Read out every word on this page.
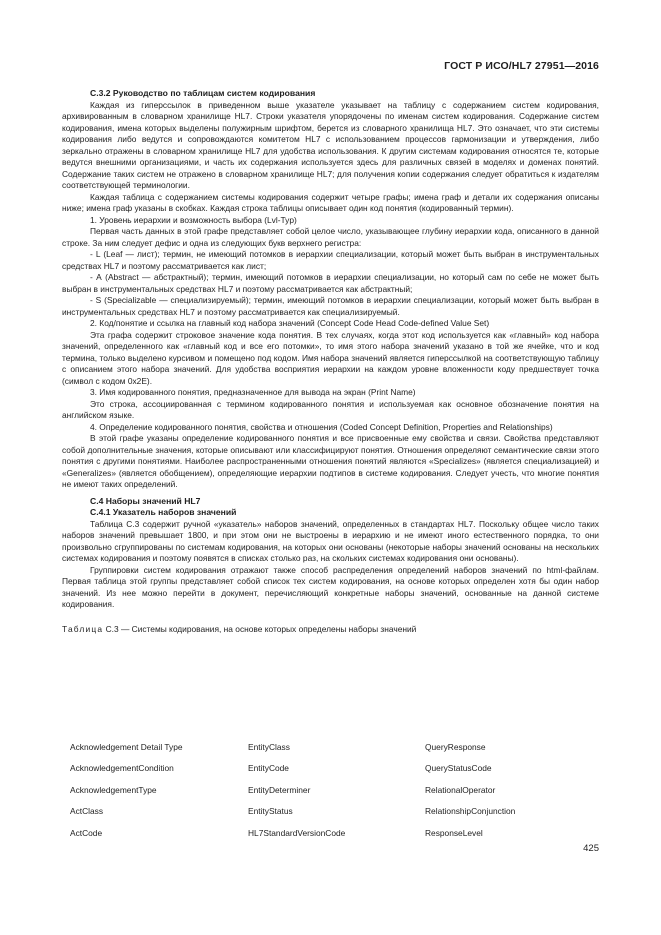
ГОСТ Р ИСО/HL7 27951—2016
С.3.2 Руководство по таблицам систем кодирования

Каждая из гиперссылок в приведенном выше указателе указывает на таблицу с содержанием систем кодирования, архивированным в словарном хранилище HL7. Строки указателя упорядочены по именам систем кодирования. Содержание систем кодирования, имена которых выделены полужирным шрифтом, берется из словарного хранилища HL7. Это означает, что эти системы кодирования либо ведутся и сопровождаются комитетом HL7 с использованием процессов гармонизации и утверждения, либо зеркально отражены в словарном хранилище HL7 для удобства использования. К другим системам кодирования относятся те, которые ведутся внешними организациями, и часть их содержания используется здесь для различных связей в моделях и доменах понятий. Содержание таких систем не отражено в словарном хранилище HL7; для получения копии содержания следует обратиться к издателям соответствующей терминологии.

Каждая таблица с содержанием системы кодирования содержит четыре графы; имена граф и детали их содержания описаны ниже; имена граф указаны в скобках. Каждая строка таблицы описывает один код понятия (кодированный термин).

1. Уровень иерархии и возможность выбора (Lvl-Typ)

Первая часть данных в этой графе представляет собой целое число, указывающее глубину иерархии кода, описанного в данной строке. За ним следует дефис и одна из следующих букв верхнего регистра:

- L (Leaf — лист); термин, не имеющий потомков в иерархии специализации, который может быть выбран в инструментальных средствах HL7 и поэтому рассматривается как лист;

- А (Abstract — абстрактный); термин, имеющий потомков в иерархии специализации, но который сам по себе не может быть выбран в инструментальных средствах HL7 и поэтому рассматривается как абстрактный;

- S (Specializable — специализируемый); термин, имеющий потомков в иерархии специализации, который может быть выбран в инструментальных средствах HL7 и поэтому рассматривается как специализируемый.

2. Код/понятие и ссылка на главный код набора значений (Concept Code Head Code-defined Value Set)

Эта графа содержит строковое значение кода понятия. В тех случаях, когда этот код используется как «главный» код набора значений, определенного как «главный код и все его потомки», то имя этого набора значений указано в той же ячейке, что и код термина, только выделено курсивом и помещено под кодом. Имя набора значений является гиперссылкой на соответствующую таблицу с описанием этого набора значений. Для удобства восприятия иерархии на каждом уровне вложенности коду предшествует точка (символ с кодом 0x2E).

3. Имя кодированного понятия, предназначенное для вывода на экран (Print Name)

Это строка, ассоциированная с термином кодированного понятия и используемая как основное обозначение понятия на английском языке.

4. Определение кодированного понятия, свойства и отношения (Coded Concept Definition, Properties and Relationships)

В этой графе указаны определение кодированного понятия и все присвоенные ему свойства и связи. Свойства представляют собой дополнительные значения, которые описывают или классифицируют понятия. Отношения определяют семантические связи этого понятия с другими понятиями. Наиболее распространенными отношения понятий являются «Specializes» (является специализацией) и «Generalizes» (является обобщением), определяющие иерархии подтипов в системе кодирования. Следует учесть, что многие понятия не имеют таких определений.

С.4 Наборы значений HL7
С.4.1 Указатель наборов значений

Таблица С.3 содержит ручной «указатель» наборов значений, определенных в стандартах HL7. Поскольку общее число таких наборов значений превышает 1800, и при этом они не выстроены в иерархию и не имеют иного естественного порядка, то они произвольно сгруппированы по системам кодирования, на которых они основаны (некоторые наборы значений основаны на нескольких системах кодирования и поэтому появятся в списках столько раз, на скольких системах кодирования они основаны).

Группировки систем кодирования отражают также способ распределения определений наборов значений по html-файлам. Первая таблица этой группы представляет собой список тех систем кодирования, на основе которых определен хотя бы один набор значений. Из нее можно перейти в документ, перечисляющий конкретные наборы значений, основанные на данной системе кодирования.

Таблица С.3 — Системы кодирования, на основе которых определены наборы значений

Acknowledgement Detail Type	EntityClass	QueryResponse
AcknowledgementCondition	EntityCode	QueryStatusCode
AcknowledgementType	EntityDeterminer	RelationalOperator
ActClass	EntityStatus	RelationshipConjunction
ActCode	HL7StandardVersionCode	ResponseLevel
425
